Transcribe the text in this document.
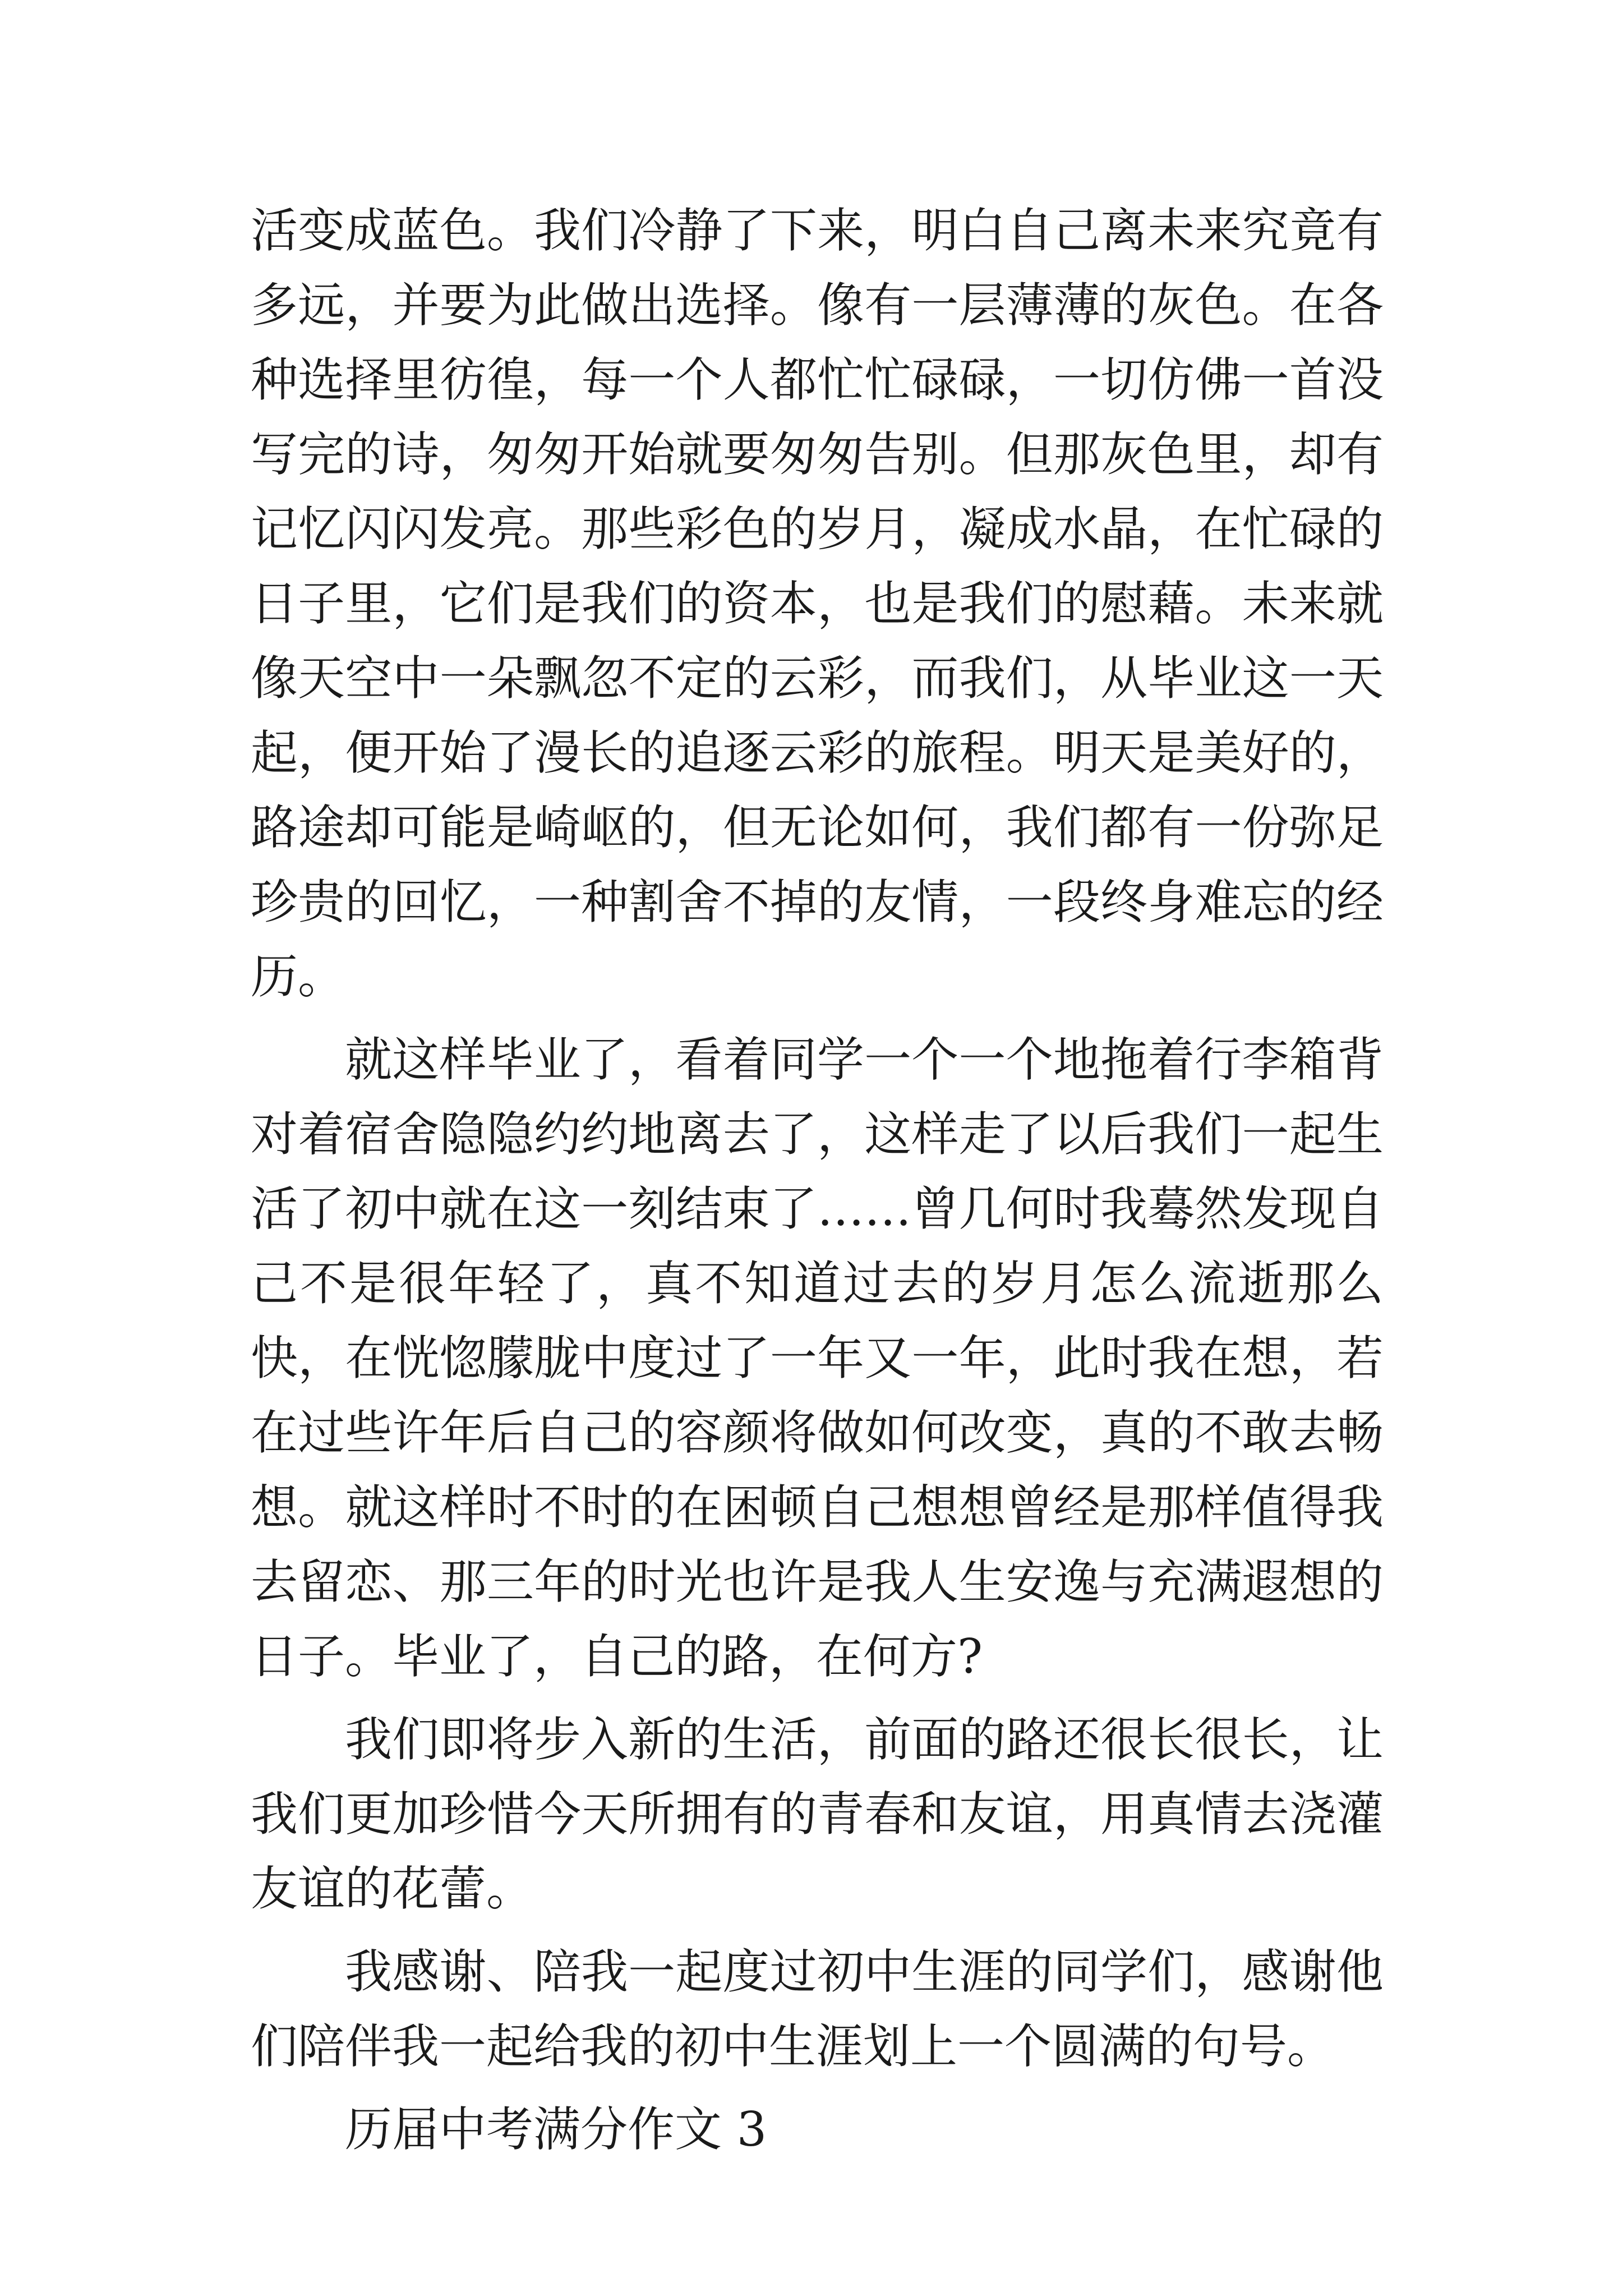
活变成蓝色。我们冷静了下来，明白自己离未来究竟有多远，并要为此做出选择。像有一层薄薄的灰色。在各种选择里彷徨，每一个人都忙忙碌碌，一切仿佛一首没写完的诗，匆匆开始就要匆匆告别。但那灰色里，却有记忆闪闪发亮。那些彩色的岁月，凝成水晶，在忙碌的日子里，它们是我们的资本，也是我们的慰藉。未来就像天空中一朵飘忽不定的云彩，而我们，从毕业这一天起，便开始了漫长的追逐云彩的旅程。明天是美好的，路途却可能是崎岖的，但无论如何，我们都有一份弥足珍贵的回忆，一种割舍不掉的友情，一段终身难忘的经历。

就这样毕业了，看着同学一个一个地拖着行李箱背对着宿舍隐隐约约地离去了，这样走了以后我们一起生活了初中就在这一刻结束了……曾几何时我蓦然发现自己不是很年轻了，真不知道过去的岁月怎么流逝那么快，在恍惚朦胧中度过了一年又一年，此时我在想，若在过些许年后自己的容颜将做如何改变，真的不敢去畅想。就这样时不时的在困顿自己想想曾经是那样值得我去留恋、那三年的时光也许是我人生安逸与充满遐想的日子。毕业了，自己的路，在何方?

我们即将步入新的生活，前面的路还很长很长，让我们更加珍惜今天所拥有的青春和友谊，用真情去浇灌友谊的花蕾。

我感谢、陪我一起度过初中生涯的同学们，感谢他们陪伴我一起给我的初中生涯划上一个圆满的句号。

历届中考满分作文 3
